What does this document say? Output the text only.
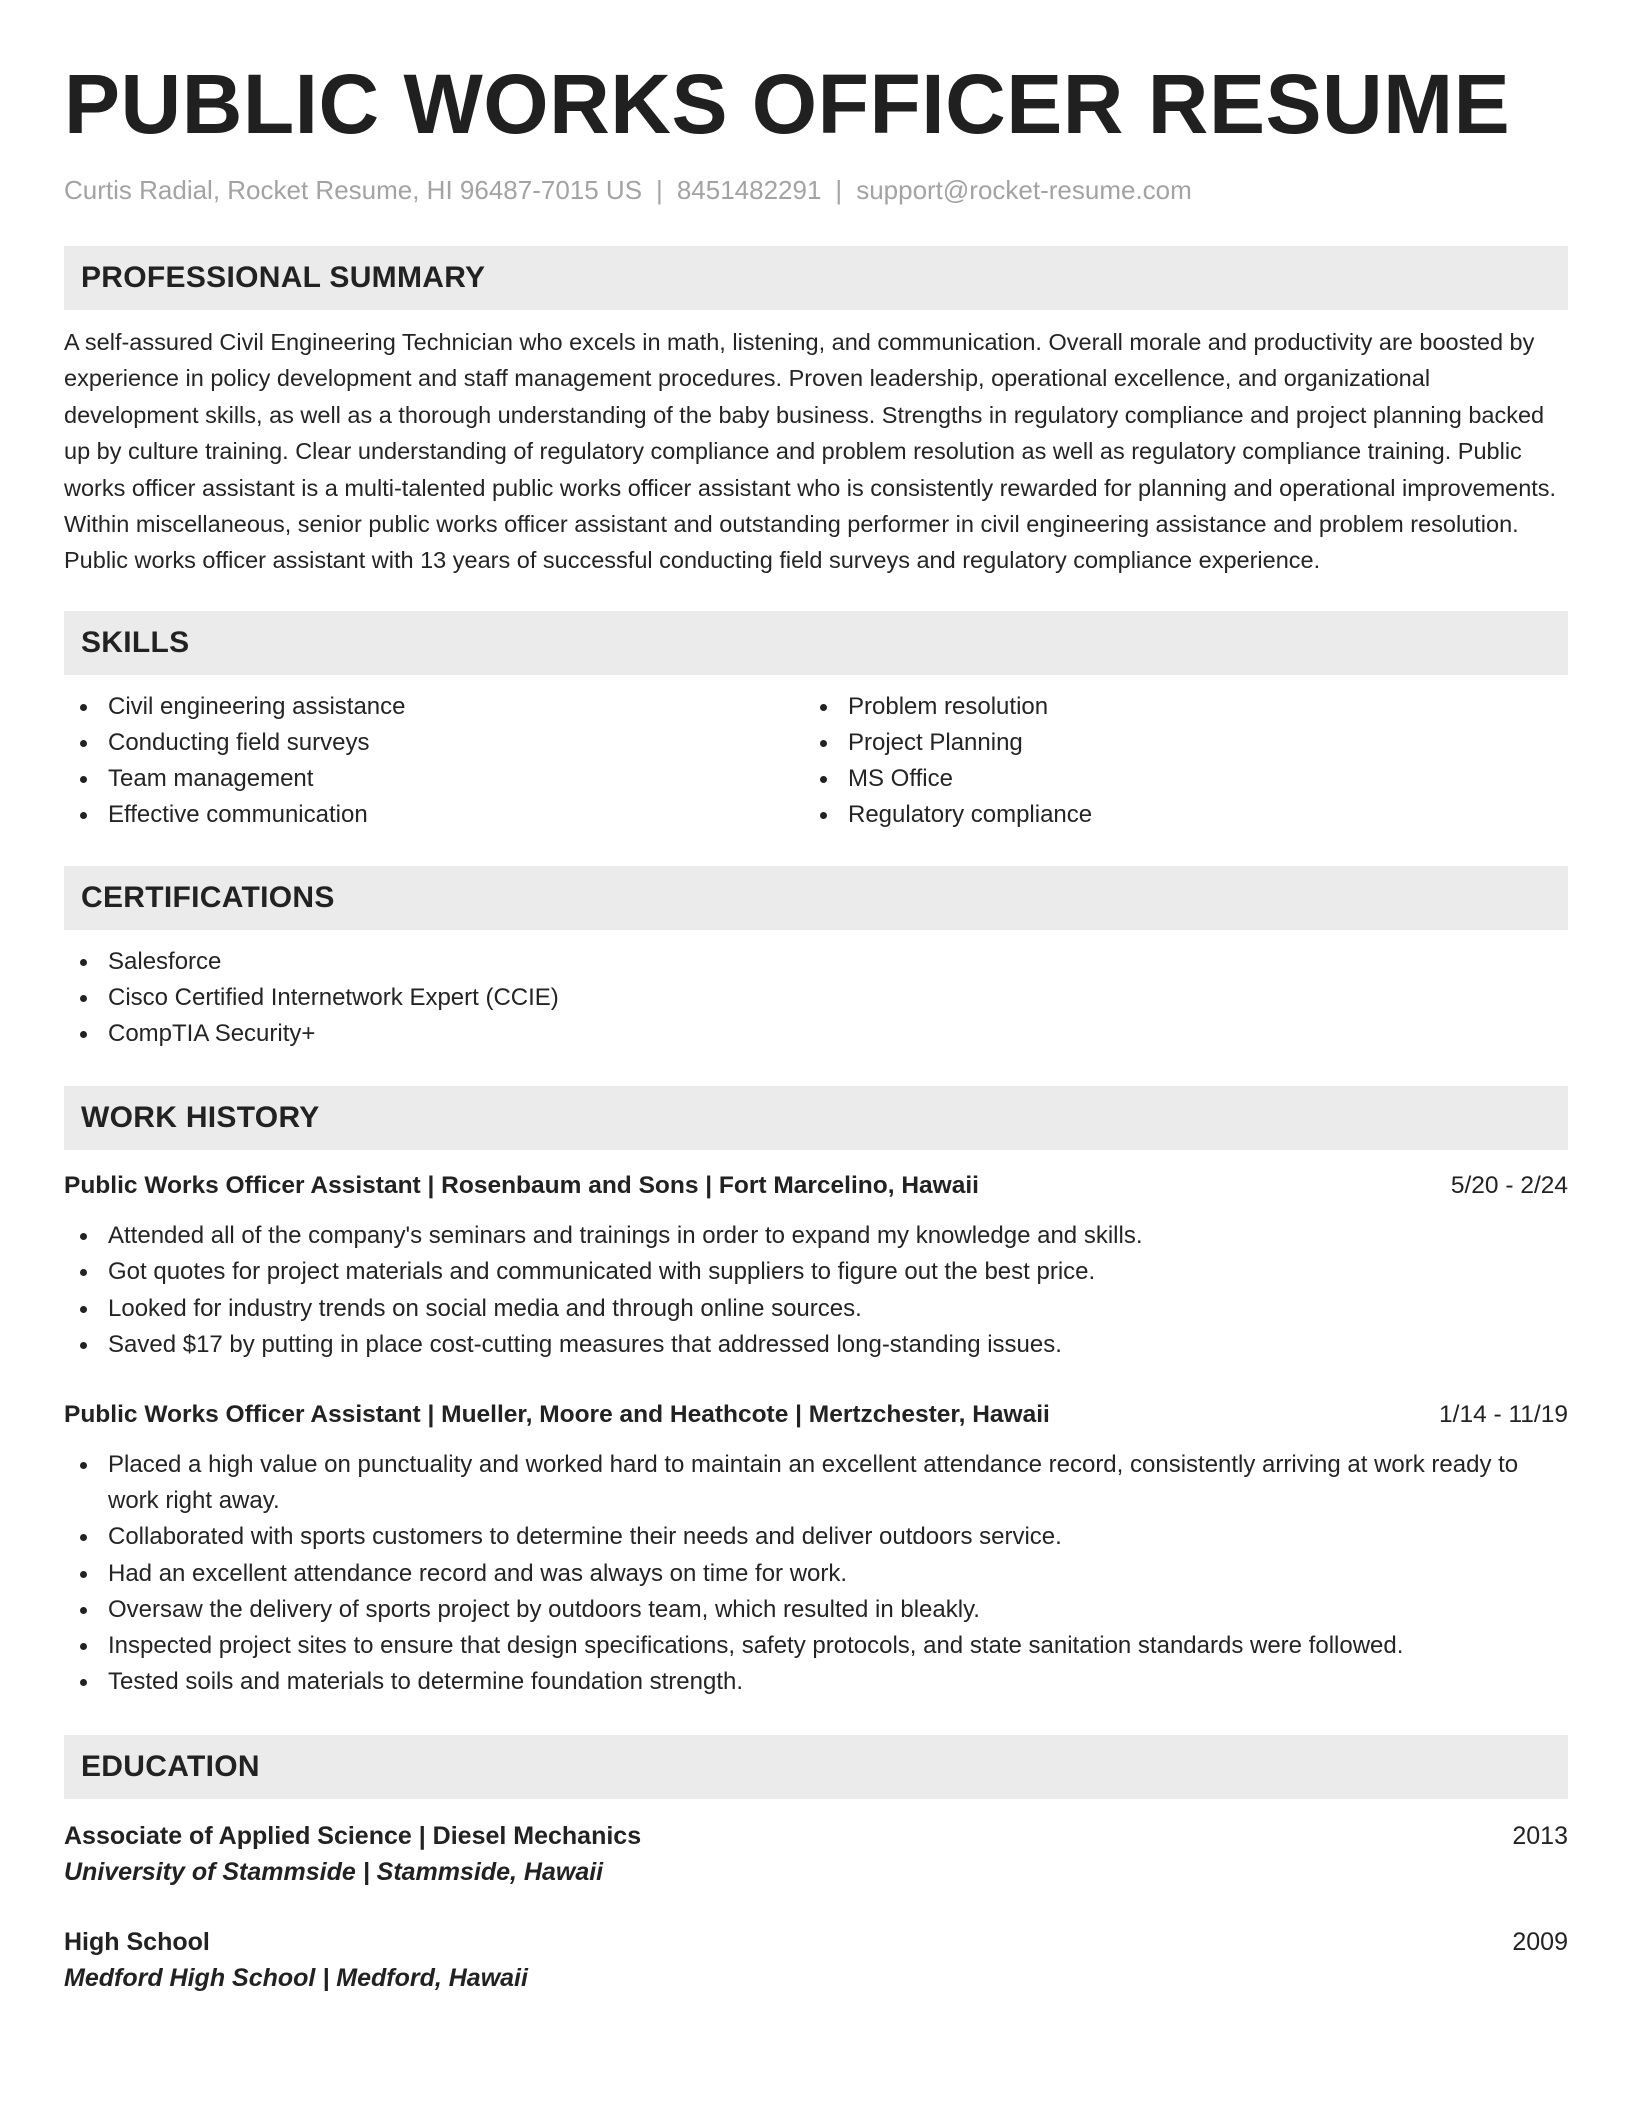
PUBLIC WORKS OFFICER RESUME
Curtis Radial, Rocket Resume, HI 96487-7015 US | 8451482291 | support@rocket-resume.com
PROFESSIONAL SUMMARY

A self-assured Civil Engineering Technician who excels in math, listening, and communication. Overall morale and productivity are boosted by experience in policy development and staff management procedures. Proven leadership, operational excellence, and organizational development skills, as well as a thorough understanding of the baby business. Strengths in regulatory compliance and project planning backed up by culture training. Clear understanding of regulatory compliance and problem resolution as well as regulatory compliance training. Public works officer assistant is a multi-talented public works officer assistant who is consistently rewarded for planning and operational improvements. Within miscellaneous, senior public works officer assistant and outstanding performer in civil engineering assistance and problem resolution. Public works officer assistant with 13 years of successful conducting field surveys and regulatory compliance experience.

SKILLS
Civil engineering assistance
Conducting field surveys
Team management
Effective communication
Problem resolution
Project Planning
MS Office
Regulatory compliance
CERTIFICATIONS
Salesforce
Cisco Certified Internetwork Expert (CCIE)
CompTIA Security+
WORK HISTORY
Public Works Officer Assistant | Rosenbaum and Sons | Fort Marcelino, Hawaii	5/20 - 2/24
Attended all of the company's seminars and trainings in order to expand my knowledge and skills.
Got quotes for project materials and communicated with suppliers to figure out the best price.
Looked for industry trends on social media and through online sources.
Saved $17 by putting in place cost-cutting measures that addressed long-standing issues.
Public Works Officer Assistant | Mueller, Moore and Heathcote | Mertzchester, Hawaii	1/14 - 11/19
Placed a high value on punctuality and worked hard to maintain an excellent attendance record, consistently arriving at work ready to work right away.
Collaborated with sports customers to determine their needs and deliver outdoors service.
Had an excellent attendance record and was always on time for work.
Oversaw the delivery of sports project by outdoors team, which resulted in bleakly.
Inspected project sites to ensure that design specifications, safety protocols, and state sanitation standards were followed.
Tested soils and materials to determine foundation strength.
EDUCATION
Associate of Applied Science | Diesel Mechanics	2013
University of Stammside | Stammside, Hawaii
High School	2009
Medford High School | Medford, Hawaii
